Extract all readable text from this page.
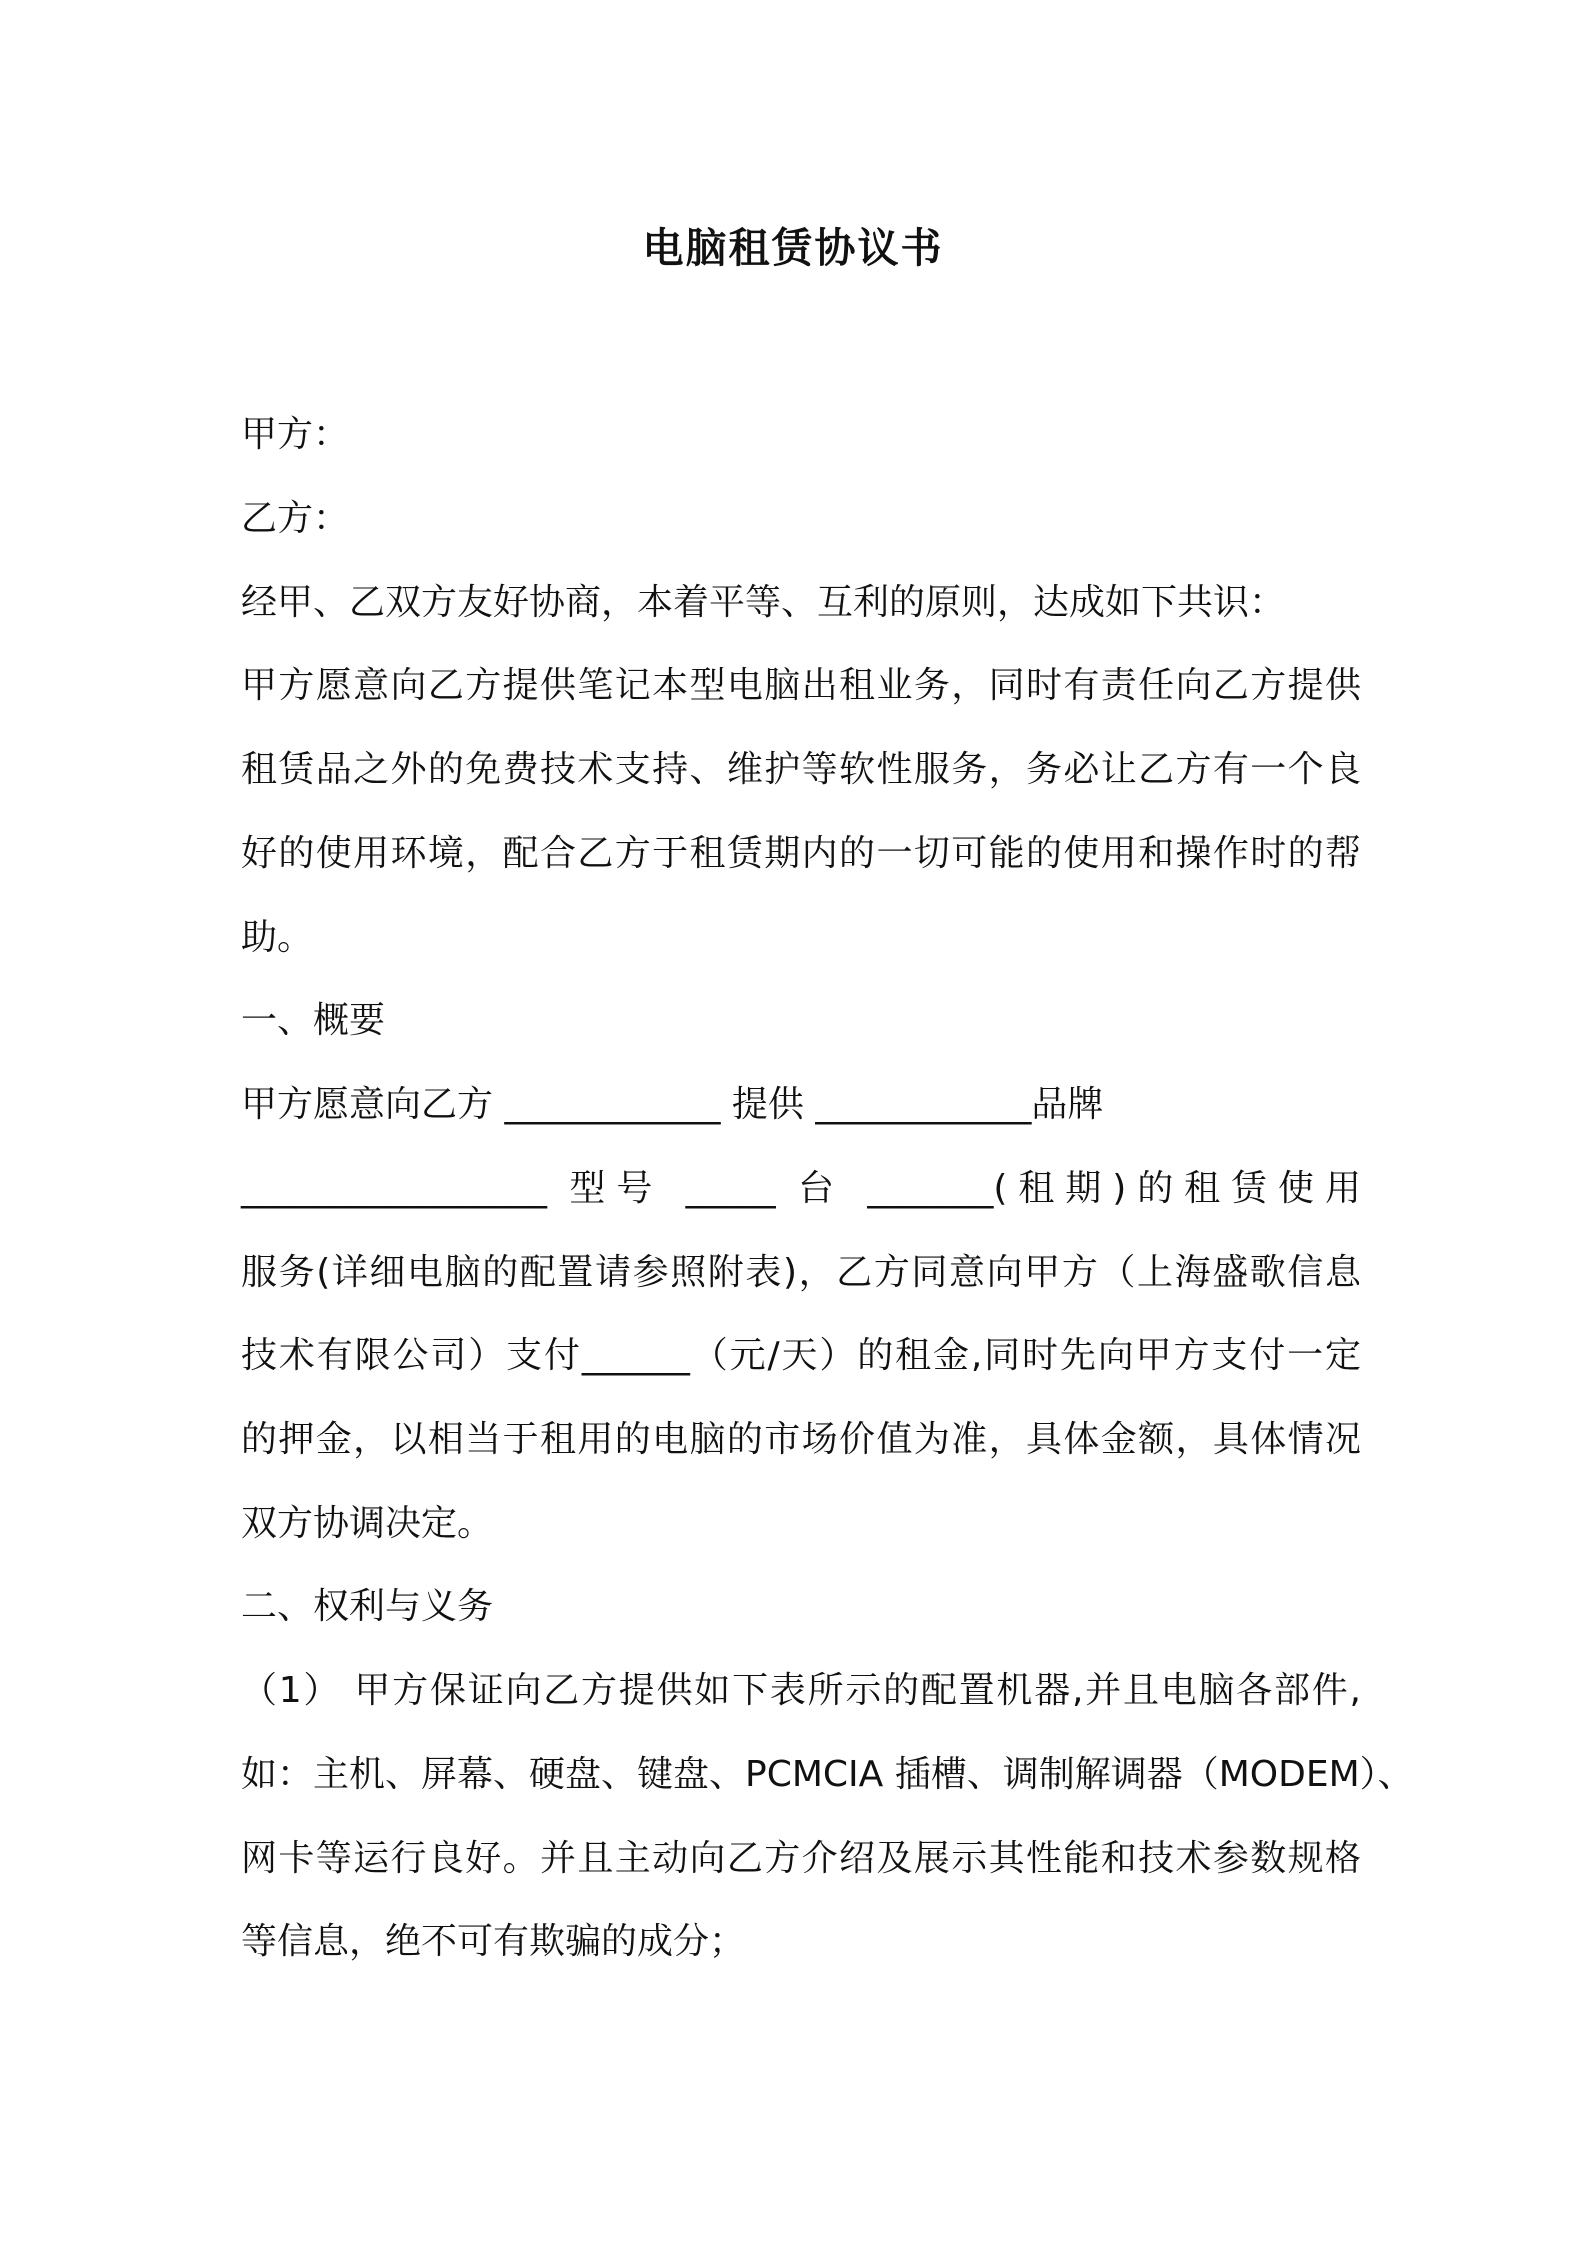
电脑租赁协议书
甲方：
乙方：
经甲、乙双方友好协商，本着平等、互利的原则，达成如下共识：
甲方愿意向乙方提供笔记本型电脑出租业务，同时有责任向乙方提供
租赁品之外的免费技术支持、维护等软性服务，务必让乙方有一个良
好的使用环境，配合乙方于租赁期内的一切可能的使用和操作时的帮
助。
一、概要
甲方愿意向乙方 ____________ 提供 ____________品牌
_________________ 型号 _____ 台 _______(租期)的租赁使用
服务(详细电脑的配置请参照附表)，乙方同意向甲方（上海盛歌信息
技术有限公司）支付______（元/天）的租金,同时先向甲方支付一定
的押金，以相当于租用的电脑的市场价值为准，具体金额，具体情况
双方协调决定。
二、权利与义务
（1） 甲方保证向乙方提供如下表所示的配置机器,并且电脑各部件,
如：主机、屏幕、硬盘、键盘、PCMCIA 插槽、调制解调器（MODEM）、
网卡等运行良好。并且主动向乙方介绍及展示其性能和技术参数规格
等信息，绝不可有欺骗的成分；
